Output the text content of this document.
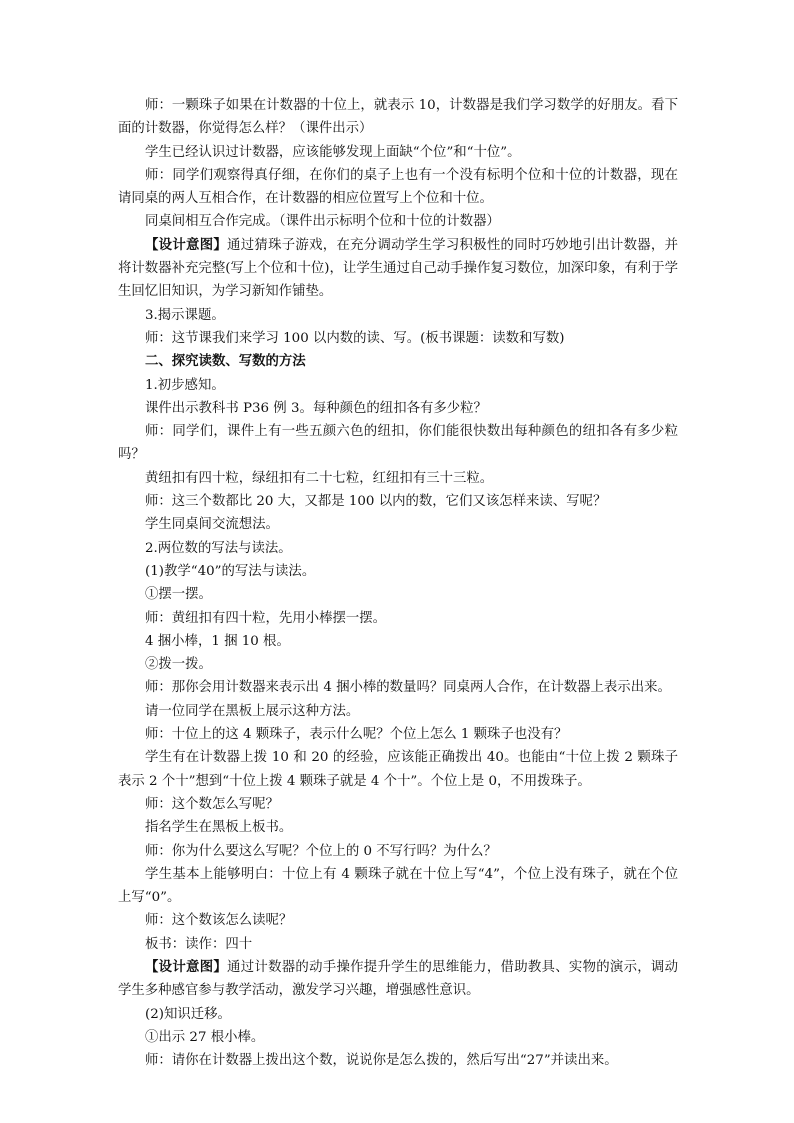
师：一颗珠子如果在计数器的十位上，就表示 10，计数器是我们学习数学的好朋友。看下面的计数器，你觉得怎么样？（课件出示）

学生已经认识过计数器，应该能够发现上面缺“个位”和“十位”。

师：同学们观察得真仔细，在你们的桌子上也有一个没有标明个位和十位的计数器，现在请同桌的两人互相合作，在计数器的相应位置写上个位和十位。

同桌间相互合作完成。（课件出示标明个位和十位的计数器）

【设计意图】通过猜珠子游戏，在充分调动学生学习积极性的同时巧妙地引出计数器，并将计数器补充完整(写上个位和十位)，让学生通过自己动手操作复习数位，加深印象，有利于学生回忆旧知识，为学习新知作铺垫。

3.揭示课题。

师：这节课我们来学习 100 以内数的读、写。(板书课题：读数和写数)

二、探究读数、写数的方法

1.初步感知。

课件出示教科书 P36 例 3。每种颜色的纽扣各有多少粒？

师：同学们，课件上有一些五颜六色的纽扣，你们能很快数出每种颜色的纽扣各有多少粒吗？

黄纽扣有四十粒，绿纽扣有二十七粒，红纽扣有三十三粒。

师：这三个数都比 20 大，又都是 100 以内的数，它们又该怎样来读、写呢？

学生同桌间交流想法。

2.两位数的写法与读法。

(1)教学“40”的写法与读法。

①摆一摆。

师：黄纽扣有四十粒，先用小棒摆一摆。

4 捆小棒，1 捆 10 根。

②拨一拨。

师：那你会用计数器来表示出 4 捆小棒的数量吗？同桌两人合作，在计数器上表示出来。

请一位同学在黑板上展示这种方法。

师：十位上的这 4 颗珠子，表示什么呢？个位上怎么 1 颗珠子也没有？

学生有在计数器上拨 10 和 20 的经验，应该能正确拨出 40。也能由“十位上拨 2 颗珠子表示 2 个十”想到“十位上拨 4 颗珠子就是 4 个十”。个位上是 0，不用拨珠子。

师：这个数怎么写呢？

指名学生在黑板上板书。

师：你为什么要这么写呢？个位上的 0 不写行吗？为什么？

学生基本上能够明白：十位上有 4 颗珠子就在十位上写“4”，个位上没有珠子，就在个位上写“0”。

师：这个数该怎么读呢？

板书：读作：四十

【设计意图】通过计数器的动手操作提升学生的思维能力，借助教具、实物的演示，调动学生多种感官参与教学活动，激发学习兴趣，增强感性意识。

(2)知识迁移。

①出示 27 根小棒。

师：请你在计数器上拨出这个数，说说你是怎么拨的，然后写出“27”并读出来。
